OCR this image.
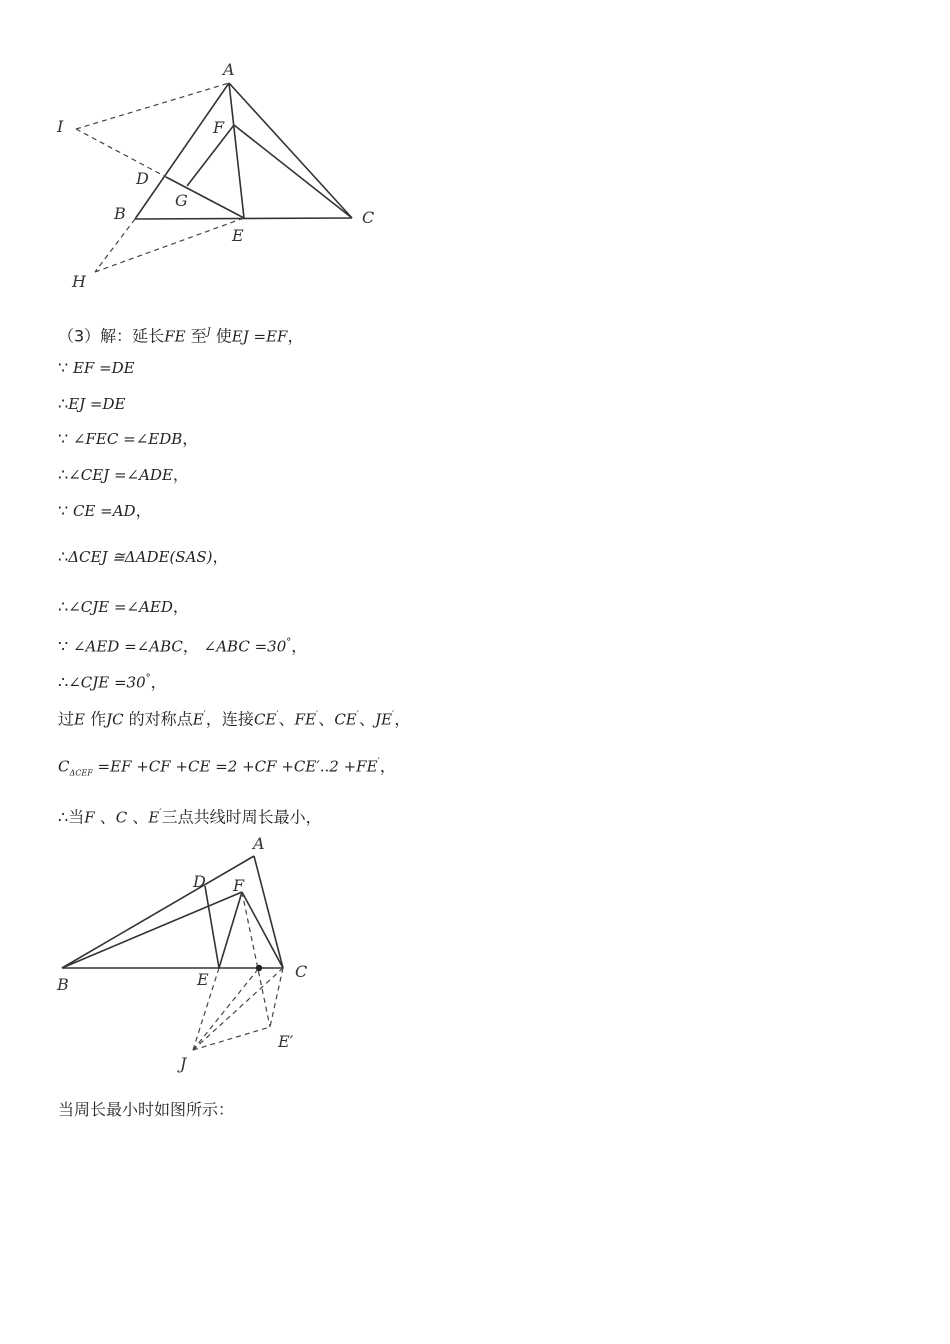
A
I	F
D
G
B
E
C
H
（3）解：延长FE 至$^J$ 使EJ =EF，
∵ EF =DE
∴EJ =DE
∵ ∠FEC =∠EDB，
∴∠CEJ =∠ADE，
∵ CE =AD，
∴ΔCEJ ≅ΔADE(SAS)，
∴∠CJE =∠AED，
∵ ∠AED =∠ABC， ∠ABC =30°，
∴∠CJE =30°，
过E 作JC 的对称点E′，连接CE′、FE′、CE′、JE′，
$C_{\Delta CEF} =EF +CF +CE =2 +CF +CE'..2 +FE'$，
∴当F 、C 、E′三点共线时周长最小，
A
D F
B	E	C
J
E′
当周长最小时如图所示：
